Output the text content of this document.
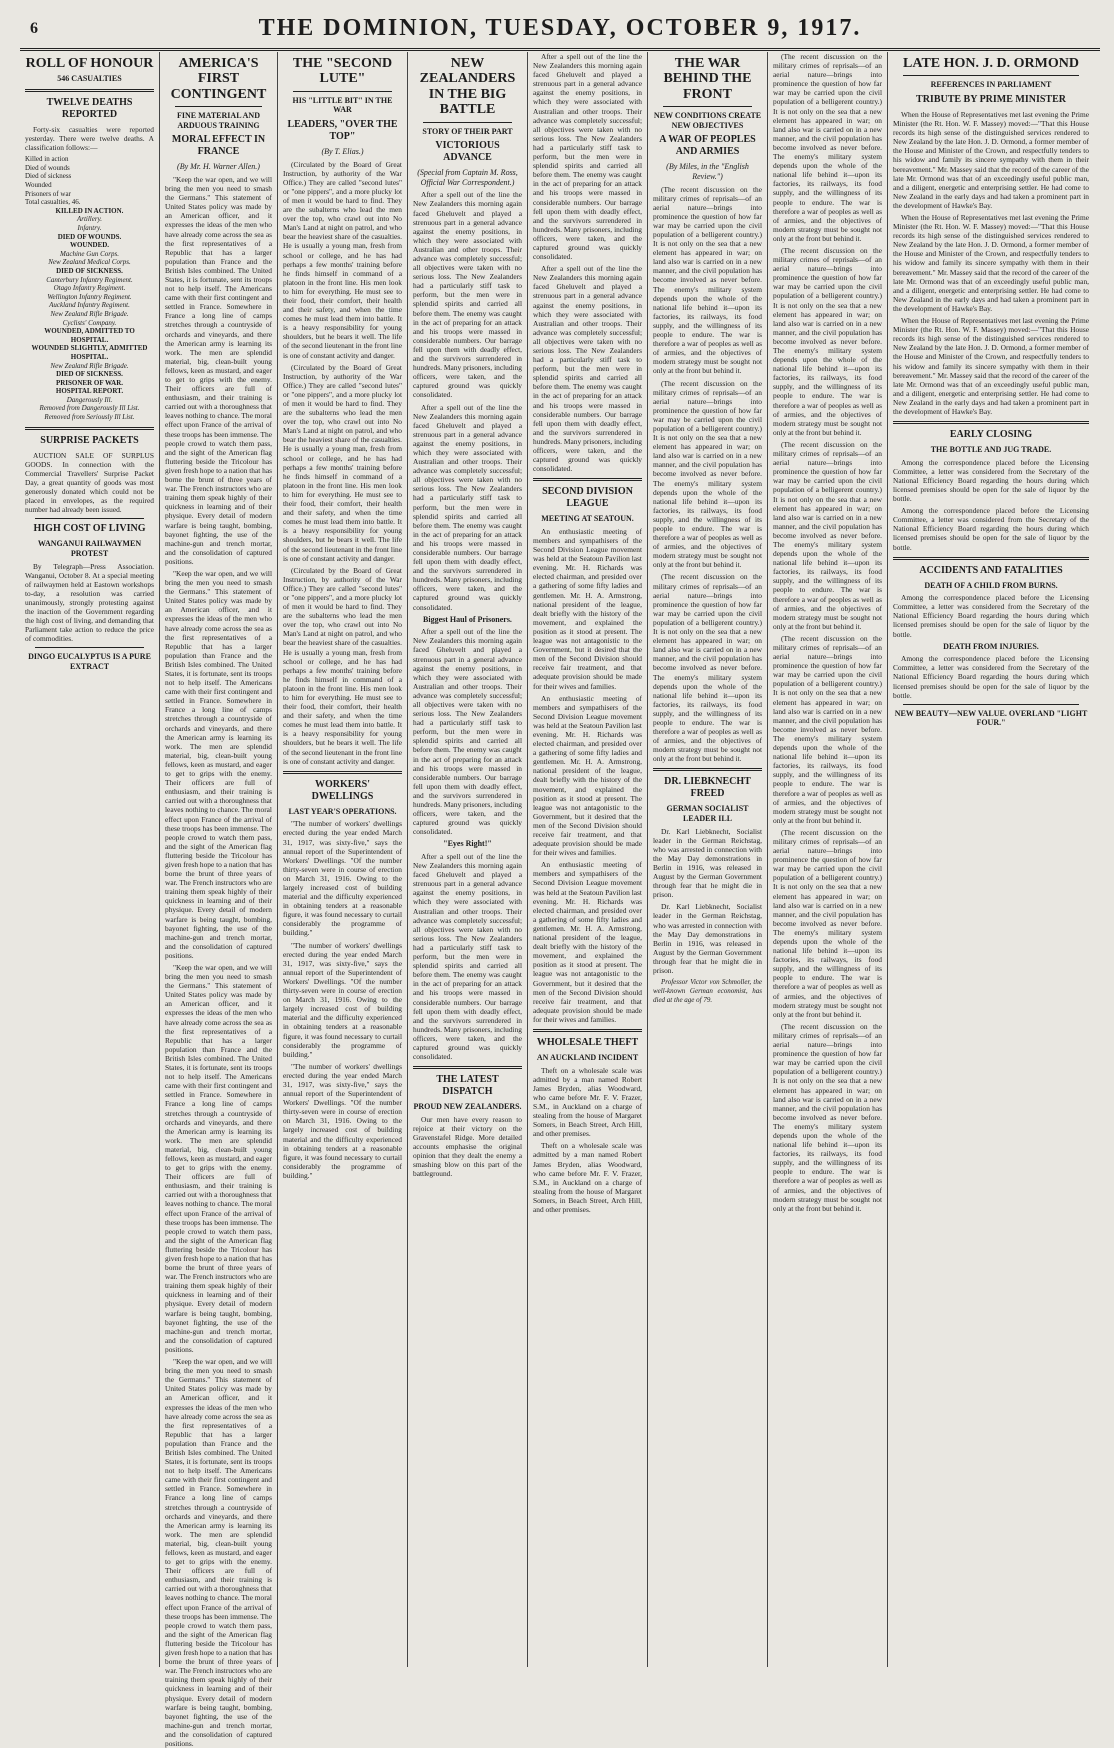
6	THE DOMINION, TUESDAY, OCTOBER 9, 1917.
ROLL OF HONOUR
546 CASUALTIES
TWELVE DEATHS REPORTED

Forty-six casualties were reported yesterday. There were twelve deaths. A classification follows:—

Killed in action
Died of wounds
Died of sickness
Wounded
Prisoners of war
Total casualties, 46.
KILLED IN ACTION.
Artillery.
Infantry.
DIED OF WOUNDS.
WOUNDED.
Machine Gun Corps.
New Zealand Medical Corps.
DIED OF SICKNESS.
Canterbury Infantry Regiment.
Otago Infantry Regiment.
Wellington Infantry Regiment.
Auckland Infantry Regiment.
New Zealand Rifle Brigade.
Cyclists' Company.
WOUNDED, ADMITTED TO HOSPITAL.
WOUNDED SLIGHTLY, ADMITTED HOSPITAL.
New Zealand Rifle Brigade.
DIED OF SICKNESS.
PRISONER OF WAR.
HOSPITAL REPORT.
Dangerously Ill.
Removed from Dangerously Ill List.
Removed from Seriously Ill List.
SURPRISE PACKETS

AUCTION SALE OF SURPLUS GOODS. In connection with the Commercial Travellers' Surprise Packet Day, a great quantity of goods was most generously donated which could not be placed in envelopes, as the required number had already been issued.

HIGH COST OF LIVING
WANGANUI RAILWAYMEN PROTEST

By Telegraph—Press Association. Wanganui, October 8. At a special meeting of railwaymen held at Eastown workshops to-day, a resolution was carried unanimously, strongly protesting against the inaction of the Government regarding the high cost of living, and demanding that Parliament take action to reduce the price of commodities.

DINGO EUCALYPTUS IS A PURE EXTRACT
AMERICA'S FIRST CONTINGENT
FINE MATERIAL AND ARDUOUS TRAINING
MORAL EFFECT IN FRANCE
(By Mr. H. Warner Allen.)

"Keep the war open, and we will bring the men you need to smash the Germans." This statement of United States policy was made by an American officer, and it expresses the ideas of the men who have already come across the sea as the first representatives of a Republic that has a larger population than France and the British Isles combined. The United States, it is fortunate, sent its troops not to help itself. The Americans came with their first contingent and settled in France. Somewhere in France a long line of camps stretches through a countryside of orchards and vineyards, and there the American army is learning its work. The men are splendid material, big, clean-built young fellows, keen as mustard, and eager to get to grips with the enemy. Their officers are full of enthusiasm, and their training is carried out with a thoroughness that leaves nothing to chance. The moral effect upon France of the arrival of these troops has been immense. The people crowd to watch them pass, and the sight of the American flag fluttering beside the Tricolour has given fresh hope to a nation that has borne the brunt of three years of war. The French instructors who are training them speak highly of their quickness in learning and of their physique. Every detail of modern warfare is being taught, bombing, bayonet fighting, the use of the machine-gun and trench mortar, and the consolidation of captured positions.

"Keep the war open, and we will bring the men you need to smash the Germans." This statement of United States policy was made by an American officer, and it expresses the ideas of the men who have already come across the sea as the first representatives of a Republic that has a larger population than France and the British Isles combined. The United States, it is fortunate, sent its troops not to help itself. The Americans came with their first contingent and settled in France. Somewhere in France a long line of camps stretches through a countryside of orchards and vineyards, and there the American army is learning its work. The men are splendid material, big, clean-built young fellows, keen as mustard, and eager to get to grips with the enemy. Their officers are full of enthusiasm, and their training is carried out with a thoroughness that leaves nothing to chance. The moral effect upon France of the arrival of these troops has been immense. The people crowd to watch them pass, and the sight of the American flag fluttering beside the Tricolour has given fresh hope to a nation that has borne the brunt of three years of war. The French instructors who are training them speak highly of their quickness in learning and of their physique. Every detail of modern warfare is being taught, bombing, bayonet fighting, the use of the machine-gun and trench mortar, and the consolidation of captured positions.

"Keep the war open, and we will bring the men you need to smash the Germans." This statement of United States policy was made by an American officer, and it expresses the ideas of the men who have already come across the sea as the first representatives of a Republic that has a larger population than France and the British Isles combined. The United States, it is fortunate, sent its troops not to help itself. The Americans came with their first contingent and settled in France. Somewhere in France a long line of camps stretches through a countryside of orchards and vineyards, and there the American army is learning its work. The men are splendid material, big, clean-built young fellows, keen as mustard, and eager to get to grips with the enemy. Their officers are full of enthusiasm, and their training is carried out with a thoroughness that leaves nothing to chance. The moral effect upon France of the arrival of these troops has been immense. The people crowd to watch them pass, and the sight of the American flag fluttering beside the Tricolour has given fresh hope to a nation that has borne the brunt of three years of war. The French instructors who are training them speak highly of their quickness in learning and of their physique. Every detail of modern warfare is being taught, bombing, bayonet fighting, the use of the machine-gun and trench mortar, and the consolidation of captured positions.

"Keep the war open, and we will bring the men you need to smash the Germans." This statement of United States policy was made by an American officer, and it expresses the ideas of the men who have already come across the sea as the first representatives of a Republic that has a larger population than France and the British Isles combined. The United States, it is fortunate, sent its troops not to help itself. The Americans came with their first contingent and settled in France. Somewhere in France a long line of camps stretches through a countryside of orchards and vineyards, and there the American army is learning its work. The men are splendid material, big, clean-built young fellows, keen as mustard, and eager to get to grips with the enemy. Their officers are full of enthusiasm, and their training is carried out with a thoroughness that leaves nothing to chance. The moral effect upon France of the arrival of these troops has been immense. The people crowd to watch them pass, and the sight of the American flag fluttering beside the Tricolour has given fresh hope to a nation that has borne the brunt of three years of war. The French instructors who are training them speak highly of their quickness in learning and of their physique. Every detail of modern warfare is being taught, bombing, bayonet fighting, the use of the machine-gun and trench mortar, and the consolidation of captured positions.

THE "SECOND LUTE"
HIS "LITTLE BIT" IN THE WAR
LEADERS, "OVER THE TOP"
(By T. Elias.)

(Circulated by the Board of Great Instruction, by authority of the War Office.) They are called "second lutes" or "one pippers", and a more plucky lot of men it would be hard to find. They are the subalterns who lead the men over the top, who crawl out into No Man's Land at night on patrol, and who bear the heaviest share of the casualties. He is usually a young man, fresh from school or college, and he has had perhaps a few months' training before he finds himself in command of a platoon in the front line. His men look to him for everything. He must see to their food, their comfort, their health and their safety, and when the time comes he must lead them into battle. It is a heavy responsibility for young shoulders, but he bears it well. The life of the second lieutenant in the front line is one of constant activity and danger.

(Circulated by the Board of Great Instruction, by authority of the War Office.) They are called "second lutes" or "one pippers", and a more plucky lot of men it would be hard to find. They are the subalterns who lead the men over the top, who crawl out into No Man's Land at night on patrol, and who bear the heaviest share of the casualties. He is usually a young man, fresh from school or college, and he has had perhaps a few months' training before he finds himself in command of a platoon in the front line. His men look to him for everything. He must see to their food, their comfort, their health and their safety, and when the time comes he must lead them into battle. It is a heavy responsibility for young shoulders, but he bears it well. The life of the second lieutenant in the front line is one of constant activity and danger.

(Circulated by the Board of Great Instruction, by authority of the War Office.) They are called "second lutes" or "one pippers", and a more plucky lot of men it would be hard to find. They are the subalterns who lead the men over the top, who crawl out into No Man's Land at night on patrol, and who bear the heaviest share of the casualties. He is usually a young man, fresh from school or college, and he has had perhaps a few months' training before he finds himself in command of a platoon in the front line. His men look to him for everything. He must see to their food, their comfort, their health and their safety, and when the time comes he must lead them into battle. It is a heavy responsibility for young shoulders, but he bears it well. The life of the second lieutenant in the front line is one of constant activity and danger.

WORKERS' DWELLINGS
LAST YEAR'S OPERATIONS.

"The number of workers' dwellings erected during the year ended March 31, 1917, was sixty-five," says the annual report of the Superintendent of Workers' Dwellings. "Of the number thirty-seven were in course of erection on March 31, 1916. Owing to the largely increased cost of building material and the difficulty experienced in obtaining tenders at a reasonable figure, it was found necessary to curtail considerably the programme of building."

"The number of workers' dwellings erected during the year ended March 31, 1917, was sixty-five," says the annual report of the Superintendent of Workers' Dwellings. "Of the number thirty-seven were in course of erection on March 31, 1916. Owing to the largely increased cost of building material and the difficulty experienced in obtaining tenders at a reasonable figure, it was found necessary to curtail considerably the programme of building."

"The number of workers' dwellings erected during the year ended March 31, 1917, was sixty-five," says the annual report of the Superintendent of Workers' Dwellings. "Of the number thirty-seven were in course of erection on March 31, 1916. Owing to the largely increased cost of building material and the difficulty experienced in obtaining tenders at a reasonable figure, it was found necessary to curtail considerably the programme of building."

NEW ZEALANDERS IN THE BIG BATTLE
STORY OF THEIR PART
VICTORIOUS ADVANCE
(Special from Captain M. Ross, Official War Correspondent.)

After a spell out of the line the New Zealanders this morning again faced Gheluvelt and played a strenuous part in a general advance against the enemy positions, in which they were associated with Australian and other troops. Their advance was completely successful; all objectives were taken with no serious loss. The New Zealanders had a particularly stiff task to perform, but the men were in splendid spirits and carried all before them. The enemy was caught in the act of preparing for an attack and his troops were massed in considerable numbers. Our barrage fell upon them with deadly effect, and the survivors surrendered in hundreds. Many prisoners, including officers, were taken, and the captured ground was quickly consolidated.

After a spell out of the line the New Zealanders this morning again faced Gheluvelt and played a strenuous part in a general advance against the enemy positions, in which they were associated with Australian and other troops. Their advance was completely successful; all objectives were taken with no serious loss. The New Zealanders had a particularly stiff task to perform, but the men were in splendid spirits and carried all before them. The enemy was caught in the act of preparing for an attack and his troops were massed in considerable numbers. Our barrage fell upon them with deadly effect, and the survivors surrendered in hundreds. Many prisoners, including officers, were taken, and the captured ground was quickly consolidated.

Biggest Haul of Prisoners.

After a spell out of the line the New Zealanders this morning again faced Gheluvelt and played a strenuous part in a general advance against the enemy positions, in which they were associated with Australian and other troops. Their advance was completely successful; all objectives were taken with no serious loss. The New Zealanders had a particularly stiff task to perform, but the men were in splendid spirits and carried all before them. The enemy was caught in the act of preparing for an attack and his troops were massed in considerable numbers. Our barrage fell upon them with deadly effect, and the survivors surrendered in hundreds. Many prisoners, including officers, were taken, and the captured ground was quickly consolidated.

"Eyes Right!"

After a spell out of the line the New Zealanders this morning again faced Gheluvelt and played a strenuous part in a general advance against the enemy positions, in which they were associated with Australian and other troops. Their advance was completely successful; all objectives were taken with no serious loss. The New Zealanders had a particularly stiff task to perform, but the men were in splendid spirits and carried all before them. The enemy was caught in the act of preparing for an attack and his troops were massed in considerable numbers. Our barrage fell upon them with deadly effect, and the survivors surrendered in hundreds. Many prisoners, including officers, were taken, and the captured ground was quickly consolidated.

THE LATEST DISPATCH
PROUD NEW ZEALANDERS.

Our men have every reason to rejoice at their victory on the Gravenstafel Ridge. More detailed accounts emphasise the original opinion that they dealt the enemy a smashing blow on this part of the battleground.

After a spell out of the line the New Zealanders this morning again faced Gheluvelt and played a strenuous part in a general advance against the enemy positions, in which they were associated with Australian and other troops. Their advance was completely successful; all objectives were taken with no serious loss. The New Zealanders had a particularly stiff task to perform, but the men were in splendid spirits and carried all before them. The enemy was caught in the act of preparing for an attack and his troops were massed in considerable numbers. Our barrage fell upon them with deadly effect, and the survivors surrendered in hundreds. Many prisoners, including officers, were taken, and the captured ground was quickly consolidated.

After a spell out of the line the New Zealanders this morning again faced Gheluvelt and played a strenuous part in a general advance against the enemy positions, in which they were associated with Australian and other troops. Their advance was completely successful; all objectives were taken with no serious loss. The New Zealanders had a particularly stiff task to perform, but the men were in splendid spirits and carried all before them. The enemy was caught in the act of preparing for an attack and his troops were massed in considerable numbers. Our barrage fell upon them with deadly effect, and the survivors surrendered in hundreds. Many prisoners, including officers, were taken, and the captured ground was quickly consolidated.

SECOND DIVISION LEAGUE
MEETING AT SEATOUN.

An enthusiastic meeting of members and sympathisers of the Second Division League movement was held at the Seatoun Pavilion last evening. Mr. H. Richards was elected chairman, and presided over a gathering of some fifty ladies and gentlemen. Mr. H. A. Armstrong, national president of the league, dealt briefly with the history of the movement, and explained the position as it stood at present. The league was not antagonistic to the Government, but it desired that the men of the Second Division should receive fair treatment, and that adequate provision should be made for their wives and families.

An enthusiastic meeting of members and sympathisers of the Second Division League movement was held at the Seatoun Pavilion last evening. Mr. H. Richards was elected chairman, and presided over a gathering of some fifty ladies and gentlemen. Mr. H. A. Armstrong, national president of the league, dealt briefly with the history of the movement, and explained the position as it stood at present. The league was not antagonistic to the Government, but it desired that the men of the Second Division should receive fair treatment, and that adequate provision should be made for their wives and families.

An enthusiastic meeting of members and sympathisers of the Second Division League movement was held at the Seatoun Pavilion last evening. Mr. H. Richards was elected chairman, and presided over a gathering of some fifty ladies and gentlemen. Mr. H. A. Armstrong, national president of the league, dealt briefly with the history of the movement, and explained the position as it stood at present. The league was not antagonistic to the Government, but it desired that the men of the Second Division should receive fair treatment, and that adequate provision should be made for their wives and families.

WHOLESALE THEFT
AN AUCKLAND INCIDENT

Theft on a wholesale scale was admitted by a man named Robert James Bryden, alias Woodward, who came before Mr. F. V. Frazer, S.M., in Auckland on a charge of stealing from the house of Margaret Somers, in Beach Street, Arch Hill, and other premises.

Theft on a wholesale scale was admitted by a man named Robert James Bryden, alias Woodward, who came before Mr. F. V. Frazer, S.M., in Auckland on a charge of stealing from the house of Margaret Somers, in Beach Street, Arch Hill, and other premises.

THE WAR BEHIND THE FRONT
NEW CONDITIONS CREATE NEW OBJECTIVES
A WAR OF PEOPLES AND ARMIES
(By Miles, in the "English Review.")

(The recent discussion on the military crimes of reprisals—of an aerial nature—brings into prominence the question of how far war may be carried upon the civil population of a belligerent country.) It is not only on the sea that a new element has appeared in war; on land also war is carried on in a new manner, and the civil population has become involved as never before. The enemy's military system depends upon the whole of the national life behind it—upon its factories, its railways, its food supply, and the willingness of its people to endure. The war is therefore a war of peoples as well as of armies, and the objectives of modern strategy must be sought not only at the front but behind it.

(The recent discussion on the military crimes of reprisals—of an aerial nature—brings into prominence the question of how far war may be carried upon the civil population of a belligerent country.) It is not only on the sea that a new element has appeared in war; on land also war is carried on in a new manner, and the civil population has become involved as never before. The enemy's military system depends upon the whole of the national life behind it—upon its factories, its railways, its food supply, and the willingness of its people to endure. The war is therefore a war of peoples as well as of armies, and the objectives of modern strategy must be sought not only at the front but behind it.

(The recent discussion on the military crimes of reprisals—of an aerial nature—brings into prominence the question of how far war may be carried upon the civil population of a belligerent country.) It is not only on the sea that a new element has appeared in war; on land also war is carried on in a new manner, and the civil population has become involved as never before. The enemy's military system depends upon the whole of the national life behind it—upon its factories, its railways, its food supply, and the willingness of its people to endure. The war is therefore a war of peoples as well as of armies, and the objectives of modern strategy must be sought not only at the front but behind it.

DR. LIEBKNECHT FREED
GERMAN SOCIALIST LEADER ILL

Dr. Karl Liebknecht, Socialist leader in the German Reichstag, who was arrested in connection with the May Day demonstrations in Berlin in 1916, was released in August by the German Government through fear that he might die in prison.

Dr. Karl Liebknecht, Socialist leader in the German Reichstag, who was arrested in connection with the May Day demonstrations in Berlin in 1916, was released in August by the German Government through fear that he might die in prison.

Professor Victor von Schmoller, the well-known German economist, has died at the age of 79.

(The recent discussion on the military crimes of reprisals—of an aerial nature—brings into prominence the question of how far war may be carried upon the civil population of a belligerent country.) It is not only on the sea that a new element has appeared in war; on land also war is carried on in a new manner, and the civil population has become involved as never before. The enemy's military system depends upon the whole of the national life behind it—upon its factories, its railways, its food supply, and the willingness of its people to endure. The war is therefore a war of peoples as well as of armies, and the objectives of modern strategy must be sought not only at the front but behind it.

(The recent discussion on the military crimes of reprisals—of an aerial nature—brings into prominence the question of how far war may be carried upon the civil population of a belligerent country.) It is not only on the sea that a new element has appeared in war; on land also war is carried on in a new manner, and the civil population has become involved as never before. The enemy's military system depends upon the whole of the national life behind it—upon its factories, its railways, its food supply, and the willingness of its people to endure. The war is therefore a war of peoples as well as of armies, and the objectives of modern strategy must be sought not only at the front but behind it.

(The recent discussion on the military crimes of reprisals—of an aerial nature—brings into prominence the question of how far war may be carried upon the civil population of a belligerent country.) It is not only on the sea that a new element has appeared in war; on land also war is carried on in a new manner, and the civil population has become involved as never before. The enemy's military system depends upon the whole of the national life behind it—upon its factories, its railways, its food supply, and the willingness of its people to endure. The war is therefore a war of peoples as well as of armies, and the objectives of modern strategy must be sought not only at the front but behind it.

(The recent discussion on the military crimes of reprisals—of an aerial nature—brings into prominence the question of how far war may be carried upon the civil population of a belligerent country.) It is not only on the sea that a new element has appeared in war; on land also war is carried on in a new manner, and the civil population has become involved as never before. The enemy's military system depends upon the whole of the national life behind it—upon its factories, its railways, its food supply, and the willingness of its people to endure. The war is therefore a war of peoples as well as of armies, and the objectives of modern strategy must be sought not only at the front but behind it.

(The recent discussion on the military crimes of reprisals—of an aerial nature—brings into prominence the question of how far war may be carried upon the civil population of a belligerent country.) It is not only on the sea that a new element has appeared in war; on land also war is carried on in a new manner, and the civil population has become involved as never before. The enemy's military system depends upon the whole of the national life behind it—upon its factories, its railways, its food supply, and the willingness of its people to endure. The war is therefore a war of peoples as well as of armies, and the objectives of modern strategy must be sought not only at the front but behind it.

(The recent discussion on the military crimes of reprisals—of an aerial nature—brings into prominence the question of how far war may be carried upon the civil population of a belligerent country.) It is not only on the sea that a new element has appeared in war; on land also war is carried on in a new manner, and the civil population has become involved as never before. The enemy's military system depends upon the whole of the national life behind it—upon its factories, its railways, its food supply, and the willingness of its people to endure. The war is therefore a war of peoples as well as of armies, and the objectives of modern strategy must be sought not only at the front but behind it.

LATE HON. J. D. ORMOND
REFERENCES IN PARLIAMENT
TRIBUTE BY PRIME MINISTER

When the House of Representatives met last evening the Prime Minister (the Rt. Hon. W. F. Massey) moved:—"That this House records its high sense of the distinguished services rendered to New Zealand by the late Hon. J. D. Ormond, a former member of the House and Minister of the Crown, and respectfully tenders to his widow and family its sincere sympathy with them in their bereavement." Mr. Massey said that the record of the career of the late Mr. Ormond was that of an exceedingly useful public man, and a diligent, energetic and enterprising settler. He had come to New Zealand in the early days and had taken a prominent part in the development of Hawke's Bay.

When the House of Representatives met last evening the Prime Minister (the Rt. Hon. W. F. Massey) moved:—"That this House records its high sense of the distinguished services rendered to New Zealand by the late Hon. J. D. Ormond, a former member of the House and Minister of the Crown, and respectfully tenders to his widow and family its sincere sympathy with them in their bereavement." Mr. Massey said that the record of the career of the late Mr. Ormond was that of an exceedingly useful public man, and a diligent, energetic and enterprising settler. He had come to New Zealand in the early days and had taken a prominent part in the development of Hawke's Bay.

When the House of Representatives met last evening the Prime Minister (the Rt. Hon. W. F. Massey) moved:—"That this House records its high sense of the distinguished services rendered to New Zealand by the late Hon. J. D. Ormond, a former member of the House and Minister of the Crown, and respectfully tenders to his widow and family its sincere sympathy with them in their bereavement." Mr. Massey said that the record of the career of the late Mr. Ormond was that of an exceedingly useful public man, and a diligent, energetic and enterprising settler. He had come to New Zealand in the early days and had taken a prominent part in the development of Hawke's Bay.

EARLY CLOSING
THE BOTTLE AND JUG TRADE.

Among the correspondence placed before the Licensing Committee, a letter was considered from the Secretary of the National Efficiency Board regarding the hours during which licensed premises should be open for the sale of liquor by the bottle.

Among the correspondence placed before the Licensing Committee, a letter was considered from the Secretary of the National Efficiency Board regarding the hours during which licensed premises should be open for the sale of liquor by the bottle.

ACCIDENTS AND FATALITIES
DEATH OF A CHILD FROM BURNS.

Among the correspondence placed before the Licensing Committee, a letter was considered from the Secretary of the National Efficiency Board regarding the hours during which licensed premises should be open for the sale of liquor by the bottle.

DEATH FROM INJURIES.

Among the correspondence placed before the Licensing Committee, a letter was considered from the Secretary of the National Efficiency Board regarding the hours during which licensed premises should be open for the sale of liquor by the bottle.

NEW BEAUTY—NEW VALUE. OVERLAND "LIGHT FOUR."
